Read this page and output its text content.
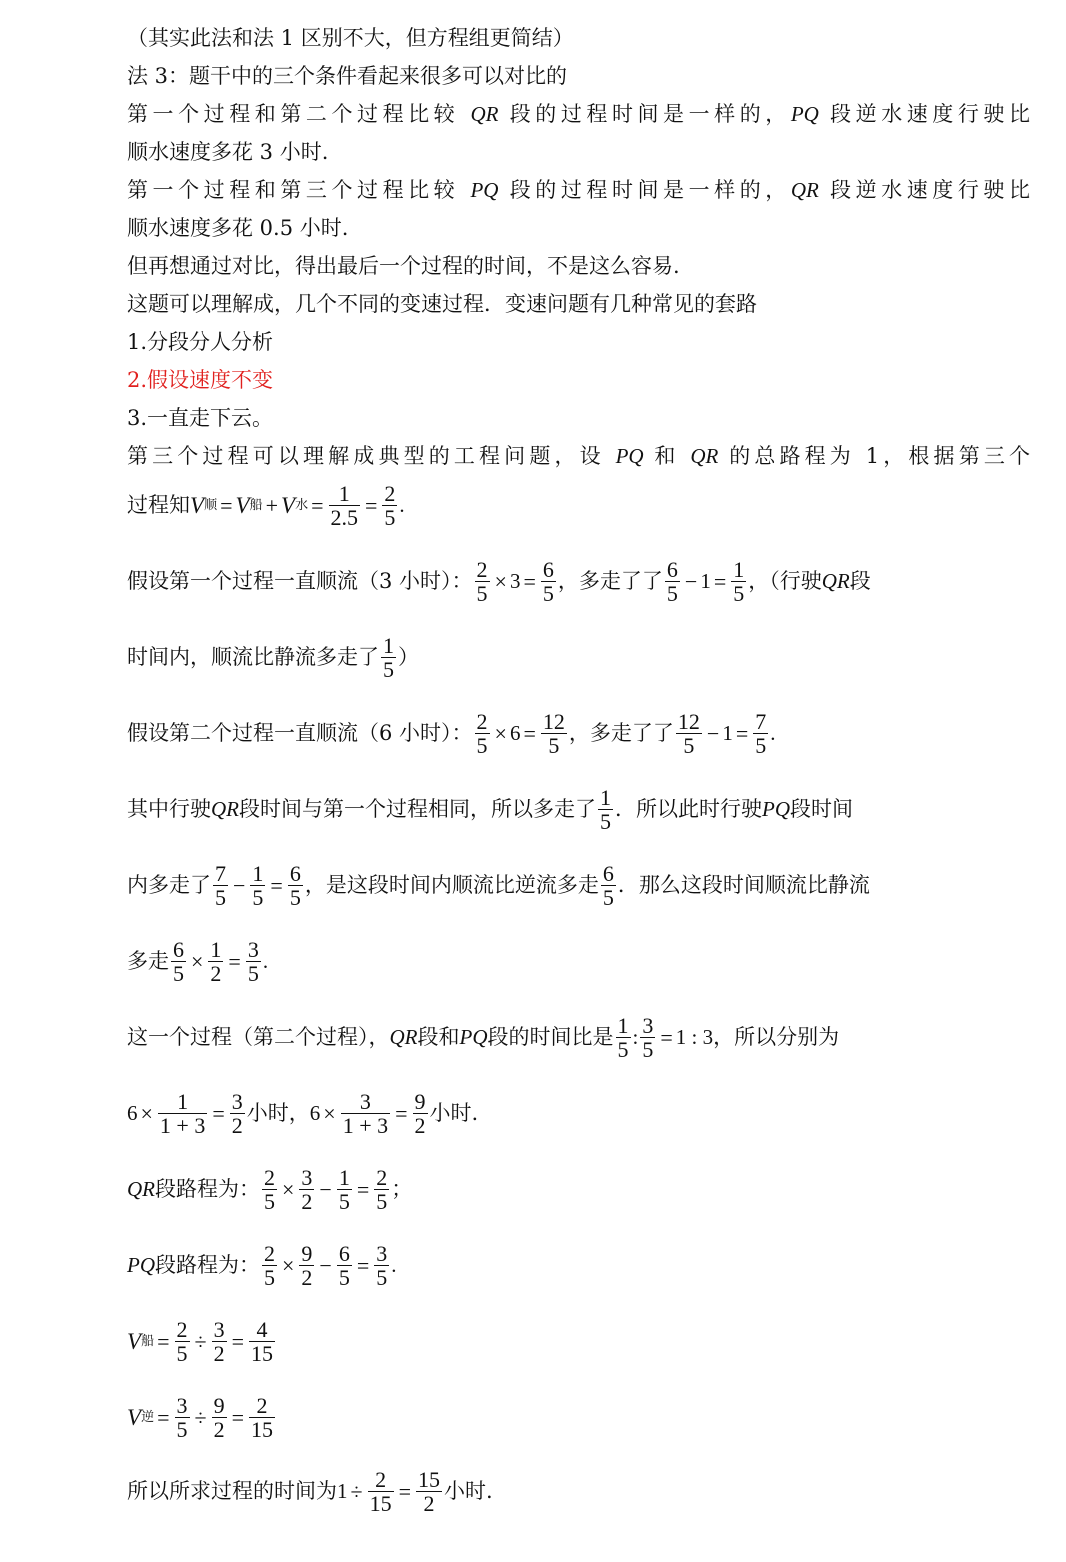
（其实此法和法 1 区别不大，但方程组更简结）
法 3：题干中的三个条件看起来很多可以对比的
第一个过程和第二个过程比较 QR 段的过程时间是一样的，PQ 段逆水速度行驶比
顺水速度多花 3 小时.
第一个过程和第三个过程比较 PQ 段的过程时间是一样的，QR 段逆水速度行驶比
顺水速度多花 0.5 小时.
但再想通过对比，得出最后一个过程的时间，不是这么容易.
这题可以理解成，几个不同的变速过程．变速问题有几种常见的套路
1.分段分人分析
2.假设速度不变
3.一直走下云。
第三个过程可以理解成典型的工程问题，设 PQ 和 QR 的总路程为 1，根据第三个
过程知 V 顺 = V 船 + V 水 = $\frac{1}{2.5} = \frac{2}{5}$ .
假设第一个过程一直顺流（3 小时）： $\frac{2}{5} \times 3 = \frac{6}{5}$ ，多走了了 $\frac{6}{5} - 1 = \frac{1}{5}$ ，（行驶 QR 段
时间内，顺流比静流多走了 $\frac{1}{5}$ ）
假设第二个过程一直顺流（6 小时）： $\frac{2}{5} \times 6 = \frac{12}{5}$ ，多走了了 $\frac{12}{5} - 1 = \frac{7}{5}$ .
其中行驶 QR 段时间与第一个过程相同，所以多走了 $\frac{1}{5}$ ．所以此时行驶 PQ 段时间
内多走了 $\frac{7}{5} - \frac{1}{5} = \frac{6}{5}$ ，是这段时间内顺流比逆流多走 $\frac{6}{5}$ ．那么这段时间顺流比静流
多走 $\frac{6}{5} \times \frac{1}{2} = \frac{3}{5}$ .
这一个过程（第二个过程）， QR 段和 PQ 段的时间比是 $\frac{1}{5}$ : $\frac{3}{5} = 1$ : 3 ，所以分别为
$6 \times \frac{1}{1 + 3} = \frac{3}{2}$ 小时， $6 \times \frac{3}{1 + 3} = \frac{9}{2}$ 小时.
QR 段路程为： $\frac{2}{5} \times \frac{3}{2} - \frac{1}{5} = \frac{2}{5}$ ；
PQ 段路程为： $\frac{2}{5} \times \frac{9}{2} - \frac{6}{5} = \frac{3}{5}$ .
V 船 = $\frac{2}{5} \div \frac{3}{2} = \frac{4}{15}$
V 逆 = $\frac{3}{5} \div \frac{9}{2} = \frac{2}{15}$
所以所求过程的时间为 $1 \div \frac{2}{15} = \frac{15}{2}$ 小时.
